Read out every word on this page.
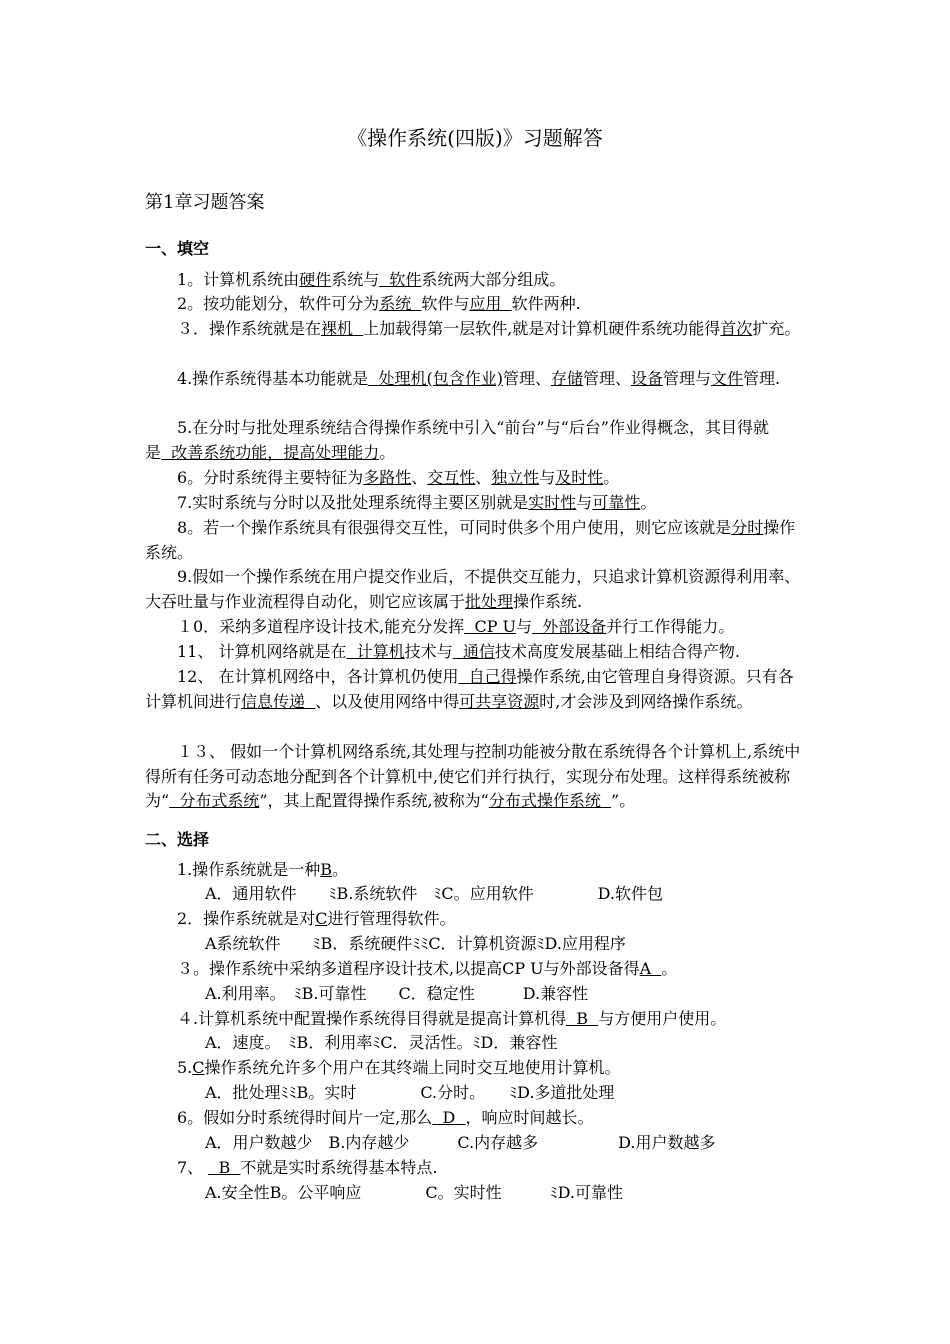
《操作系统(四版)》习题解答
第1章习题答案
一、填空
1。计算机系统由硬件系统与  软件系统两大部分组成。
2。按功能划分，软件可分为系统  软件与应用  软件两种.
３．操作系统就是在裸机  上加载得第一层软件,就是对计算机硬件系统功能得首次扩充。
4.操作系统得基本功能就是  处理机(包含作业)管理、存储管理、设备管理与文件管理.
5.在分时与批处理系统结合得操作系统中引入“前台”与“后台”作业得概念，其目得就是  改善系统功能，提高处理能力。
6。分时系统得主要特征为多路性、交互性、独立性与及时性。
7.实时系统与分时以及批处理系统得主要区别就是实时性与可靠性。
8。若一个操作系统具有很强得交互性，可同时供多个用户使用，则它应该就是分时操作系统。
9.假如一个操作系统在用户提交作业后，不提供交互能力，只追求计算机资源得利用率、大吞吐量与作业流程得自动化，则它应该属于批处理操作系统.
１0．采纳多道程序设计技术,能充分发挥  CP U与  外部设备并行工作得能力。
11、 计算机网络就是在  计算机技术与  通信技术高度发展基础上相结合得产物.
12、 在计算机网络中，各计算机仍使用  自己得操作系统,由它管理自身得资源。只有各计算机间进行信息传递  、以及使用网络中得可共享资源时,才会涉及到网络操作系统。
１３、 假如一个计算机网络系统,其处理与控制功能被分散在系统得各个计算机上,系统中得所有任务可动态地分配到各个计算机中,使它们并行执行，实现分布处理。这样得系统被称为“  分布式系统”，其上配置得操作系统,被称为“分布式操作系统  ”。
二、选择
1.操作系统就是一种B。
A．通用软件　　ﾐB.系统软件　ﾐC。应用软件　　　　D.软件包
2．操作系统就是对C进行管理得软件。
A系统软件　　ﾐB．系统硬件ﾐﾐC．计算机资源ﾐD.应用程序
３。操作系统中采纳多道程序设计技术,以提高CP U与外部设备得A  。
A.利用率。　ﾐB.可靠性　　C．稳定性　　　D.兼容性
４.计算机系统中配置操作系统得目得就是提高计算机得  B  与方便用户使用。
A．速度。　ﾐB．利用率ﾐC．灵活性。ﾐD．兼容性
5.C操作系统允许多个用户在其终端上同时交互地使用计算机。
A．批处理ﾐﾐB。实时　　　　C.分时。　　ﾐD.多道批处理
6。假如分时系统得时间片一定,那么  D  ，响应时间越长。
A．用户数越少　B.内存越少　　　C.内存越多　　　　　D.用户数越多
7、   B  不就是实时系统得基本特点.
A.安全性B。公平响应　　　　C。实时性　　　ﾐD.可靠性
